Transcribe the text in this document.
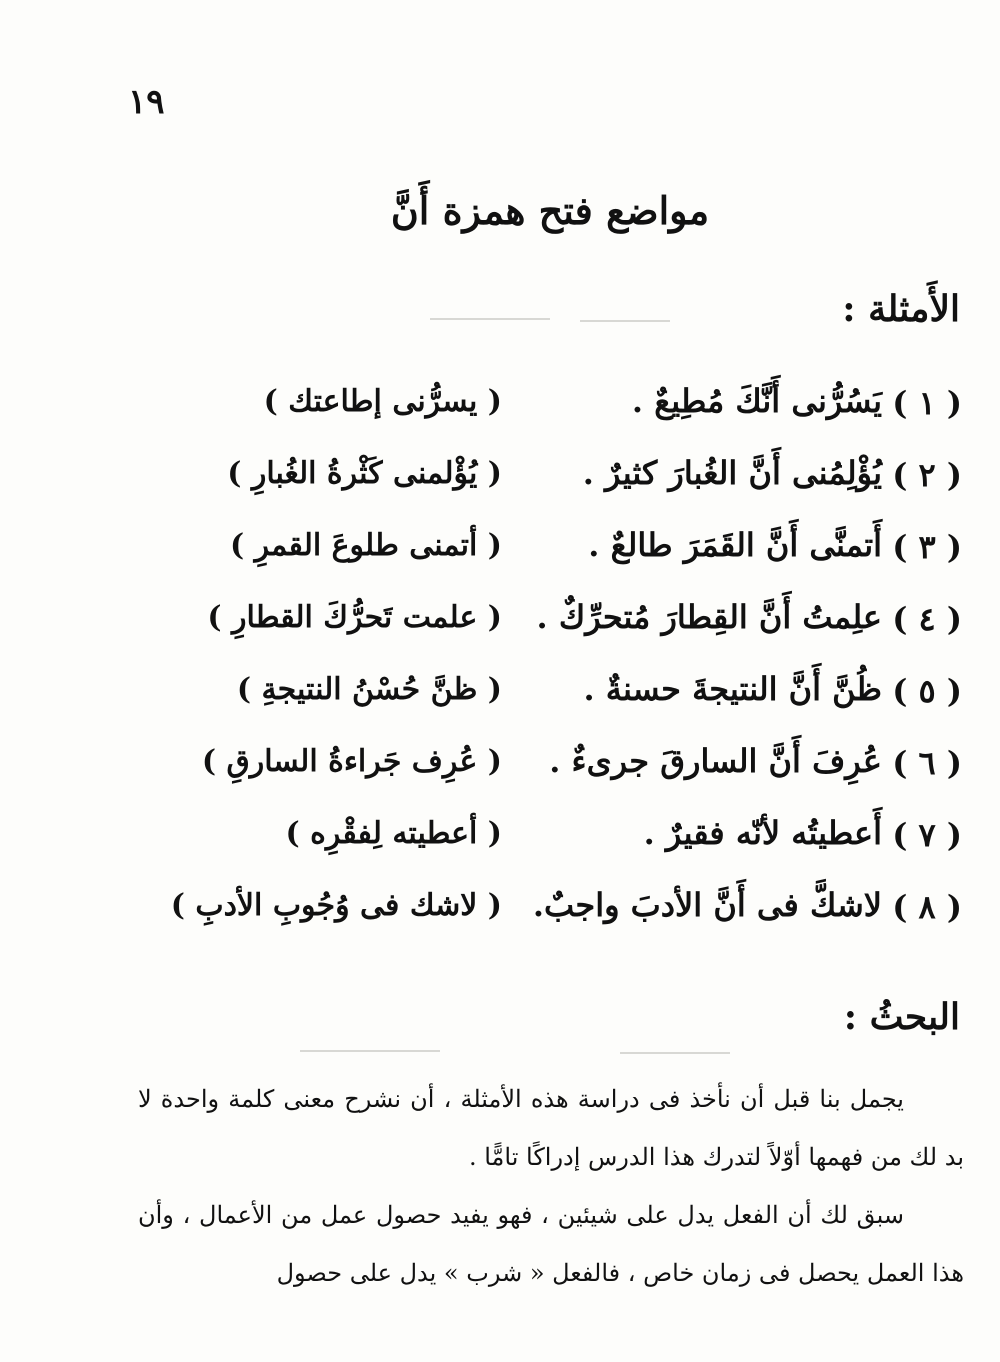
١٩
مواضع فتح همزة أَنَّ
الأَمثلة :
( ١ )
يَسُرُّنى أَنَّكَ مُطِيعٌ .
( يسرُّنى إطاعتك )
( ٢ )
يُؤْلِمُنى أَنَّ الغُبارَ كثيرٌ .
( يُؤْلمنى كَثْرةُ الغُبارِ )
( ٣ )
أَتمنَّى أَنَّ القَمَرَ طالعٌ .
( أتمنى طلوعَ القمرِ )
( ٤ )
علِمتُ أَنَّ القِطارَ مُتحرِّكٌ .
( علمت تَحرُّكَ القطارِ )
( ٥ )
ظُنَّ أَنَّ النتيجةَ حسنةٌ .
( ظنَّ حُسْنُ النتيجةِ )
( ٦ )
عُرِفَ أَنَّ السارقَ جرىءٌ .
( عُرِف جَراءةُ السارقِ )
( ٧ )
أَعطيتُه لأنّه فقيرٌ .
( أعطيته لِفقْرِه )
( ٨ )
لاشكَّ فى أَنَّ الأدبَ واجبٌ.
( لاشك فى وُجُوبِ الأدبِ )
البحثُ :

يجمل بنا قبل أن نأخذ فى دراسة هذه الأمثلة ، أن نشرح معنى كلمة واحدة لا بد لك من فهمها أوّلاً لتدرك هذا الدرس إدراكًا تامًّا .

سبق لك أن الفعل يدل على شيئين ، فهو يفيد حصول عمل من الأعمال ، وأن هذا العمل يحصل فى زمان خاص ، فالفعل « شرب » يدل على حصول
